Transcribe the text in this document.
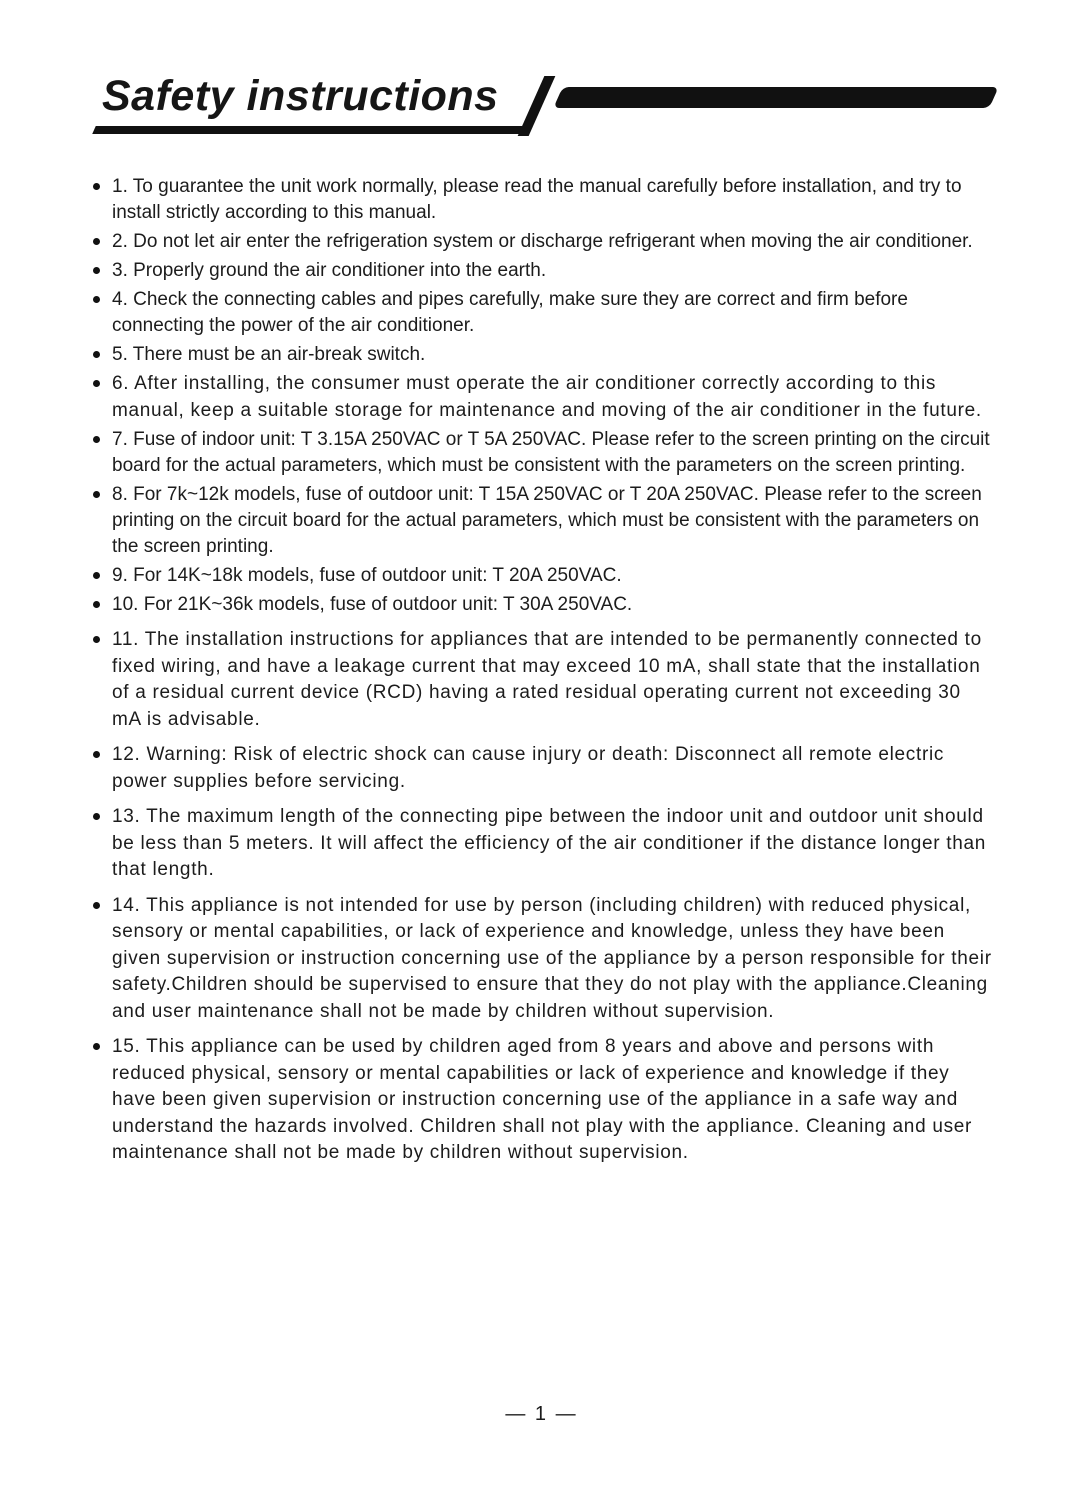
Safety instructions
1. To guarantee the unit work normally, please read the manual carefully before installation, and try to install strictly according to this manual.
2. Do not let air enter the refrigeration system or discharge refrigerant when moving the air conditioner.
3. Properly ground the air conditioner into the earth.
4. Check the connecting cables and pipes carefully, make sure they are correct and firm before connecting the power of the air conditioner.
5. There must be an air-break switch.
6. After installing, the consumer must operate the air conditioner correctly according to this manual, keep a suitable storage for maintenance and moving of the air conditioner in the future.
7. Fuse of indoor unit: T 3.15A 250VAC or T 5A 250VAC. Please refer to the screen printing on the circuit board for the actual parameters, which must be consistent with the parameters on the screen printing.
8. For 7k~12k models, fuse of outdoor unit: T 15A 250VAC or T 20A 250VAC. Please refer to the screen printing on the circuit board for the actual parameters, which must be consistent with the parameters on the screen printing.
9. For 14K~18k models, fuse of outdoor unit: T 20A 250VAC.
10. For 21K~36k models, fuse of outdoor unit: T 30A 250VAC.
11. The installation instructions for appliances that are intended to be permanently connected to fixed wiring, and have a leakage current that may exceed 10 mA, shall state that the installation of a residual current device (RCD) having a rated residual operating current not exceeding 30 mA is advisable.
12. Warning: Risk of electric shock can cause injury or death: Disconnect all remote electric power supplies before servicing.
13. The maximum length of the connecting pipe between the indoor unit and outdoor unit should be less than 5 meters. It will affect the efficiency of the air conditioner if the distance longer than that length.
14. This appliance is not intended for use by person (including children) with reduced physical, sensory or mental capabilities, or lack of experience and knowledge, unless they have been given supervision or instruction concerning use of the appliance by a person responsible for their safety.Children should be supervised to ensure that they do not play with the appliance.Cleaning and user maintenance shall not be made by children without supervision.
15. This appliance can be used by children aged from 8 years and above and persons with reduced physical, sensory or mental capabilities or lack of experience and knowledge if they have been given supervision or instruction concerning use of the appliance in a safe way and understand the hazards involved. Children shall not play with the appliance. Cleaning and user maintenance shall not be made by children without supervision.
— 1 —
